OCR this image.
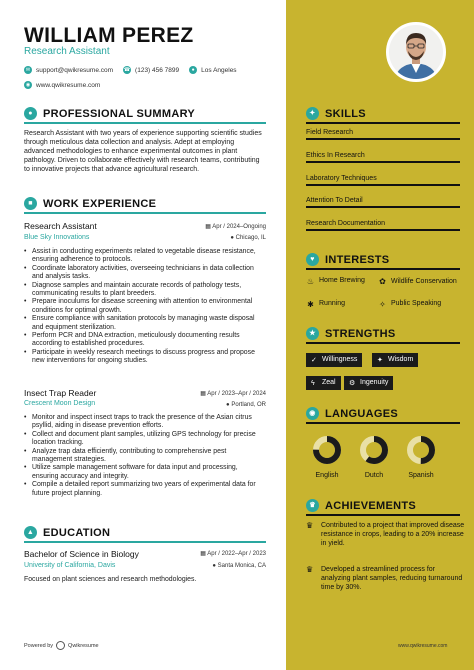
WILLIAM PEREZ
Research Assistant
✉ support@qwikresume.com ☎ (123) 456 7899	● Los Angeles
◉ www.qwikresume.com
● PROFESSIONAL SUMMARY
Research Assistant with two years of experience supporting scientific studies through meticulous data collection and analysis. Adept at employing advanced methodologies to enhance experimental outcomes in plant pathology. Driven to collaborate effectively with research teams, contributing to innovative projects that advance agricultural research.
■ WORK EXPERIENCE
Research Assistant	▦ Apr / 2024–Ongoing
Blue Sky Innovations	● Chicago, IL
• Assist in conducting experiments related to vegetable disease resistance, ensuring adherence to protocols.
• Coordinate laboratory activities, overseeing technicians in data collection and analysis tasks.
• Diagnose samples and maintain accurate records of pathology tests, communicating results to plant breeders.
• Prepare inoculums for disease screening with attention to environmental conditions for optimal growth.
• Ensure compliance with sanitation protocols by managing waste disposal and equipment sterilization.
• Perform PCR and DNA extraction, meticulously documenting results according to established procedures.
• Participate in weekly research meetings to discuss progress and propose new interventions for ongoing studies.
Insect Trap Reader	▦ Apr / 2023–Apr / 2024
Crescent Moon Design	● Portland, OR
• Monitor and inspect insect traps to track the presence of the Asian citrus psyllid, aiding in disease prevention efforts.
• Collect and document plant samples, utilizing GPS technology for precise location tracking.
• Analyze trap data efficiently, contributing to comprehensive pest management strategies.
• Utilize sample management software for data input and processing, ensuring accuracy and integrity.
• Compile a detailed report summarizing two years of experimental data for future project planning.
▲ EDUCATION
Bachelor of Science in Biology	▦ Apr / 2022–Apr / 2023
University of California, Davis	● Santa Monica, CA
Focused on plant sciences and research methodologies.
Powered by	Qwikresume	www.qwikresume.com
✦ SKILLS
Field Research
Ethics In Research
Laboratory Techniques
Attention To Detail
Research Documentation
♥ INTERESTS
♨ Home Brewing ✿ Wildlife Conservation
✱ Running	✧ Public Speaking
★ STRENGTHS
✓ Willingness	✦ Wisdom
ϟ	Zeal ⚙ Ingenuity
◉ LANGUAGES
English	Dutch	Spanish
♛ ACHIEVEMENTS
♛ Contributed to a project that improved disease resistance in crops, leading to a 20% increase in yield.
♛ Developed a streamlined process for analyzing plant samples, reducing turnaround time by 30%.
